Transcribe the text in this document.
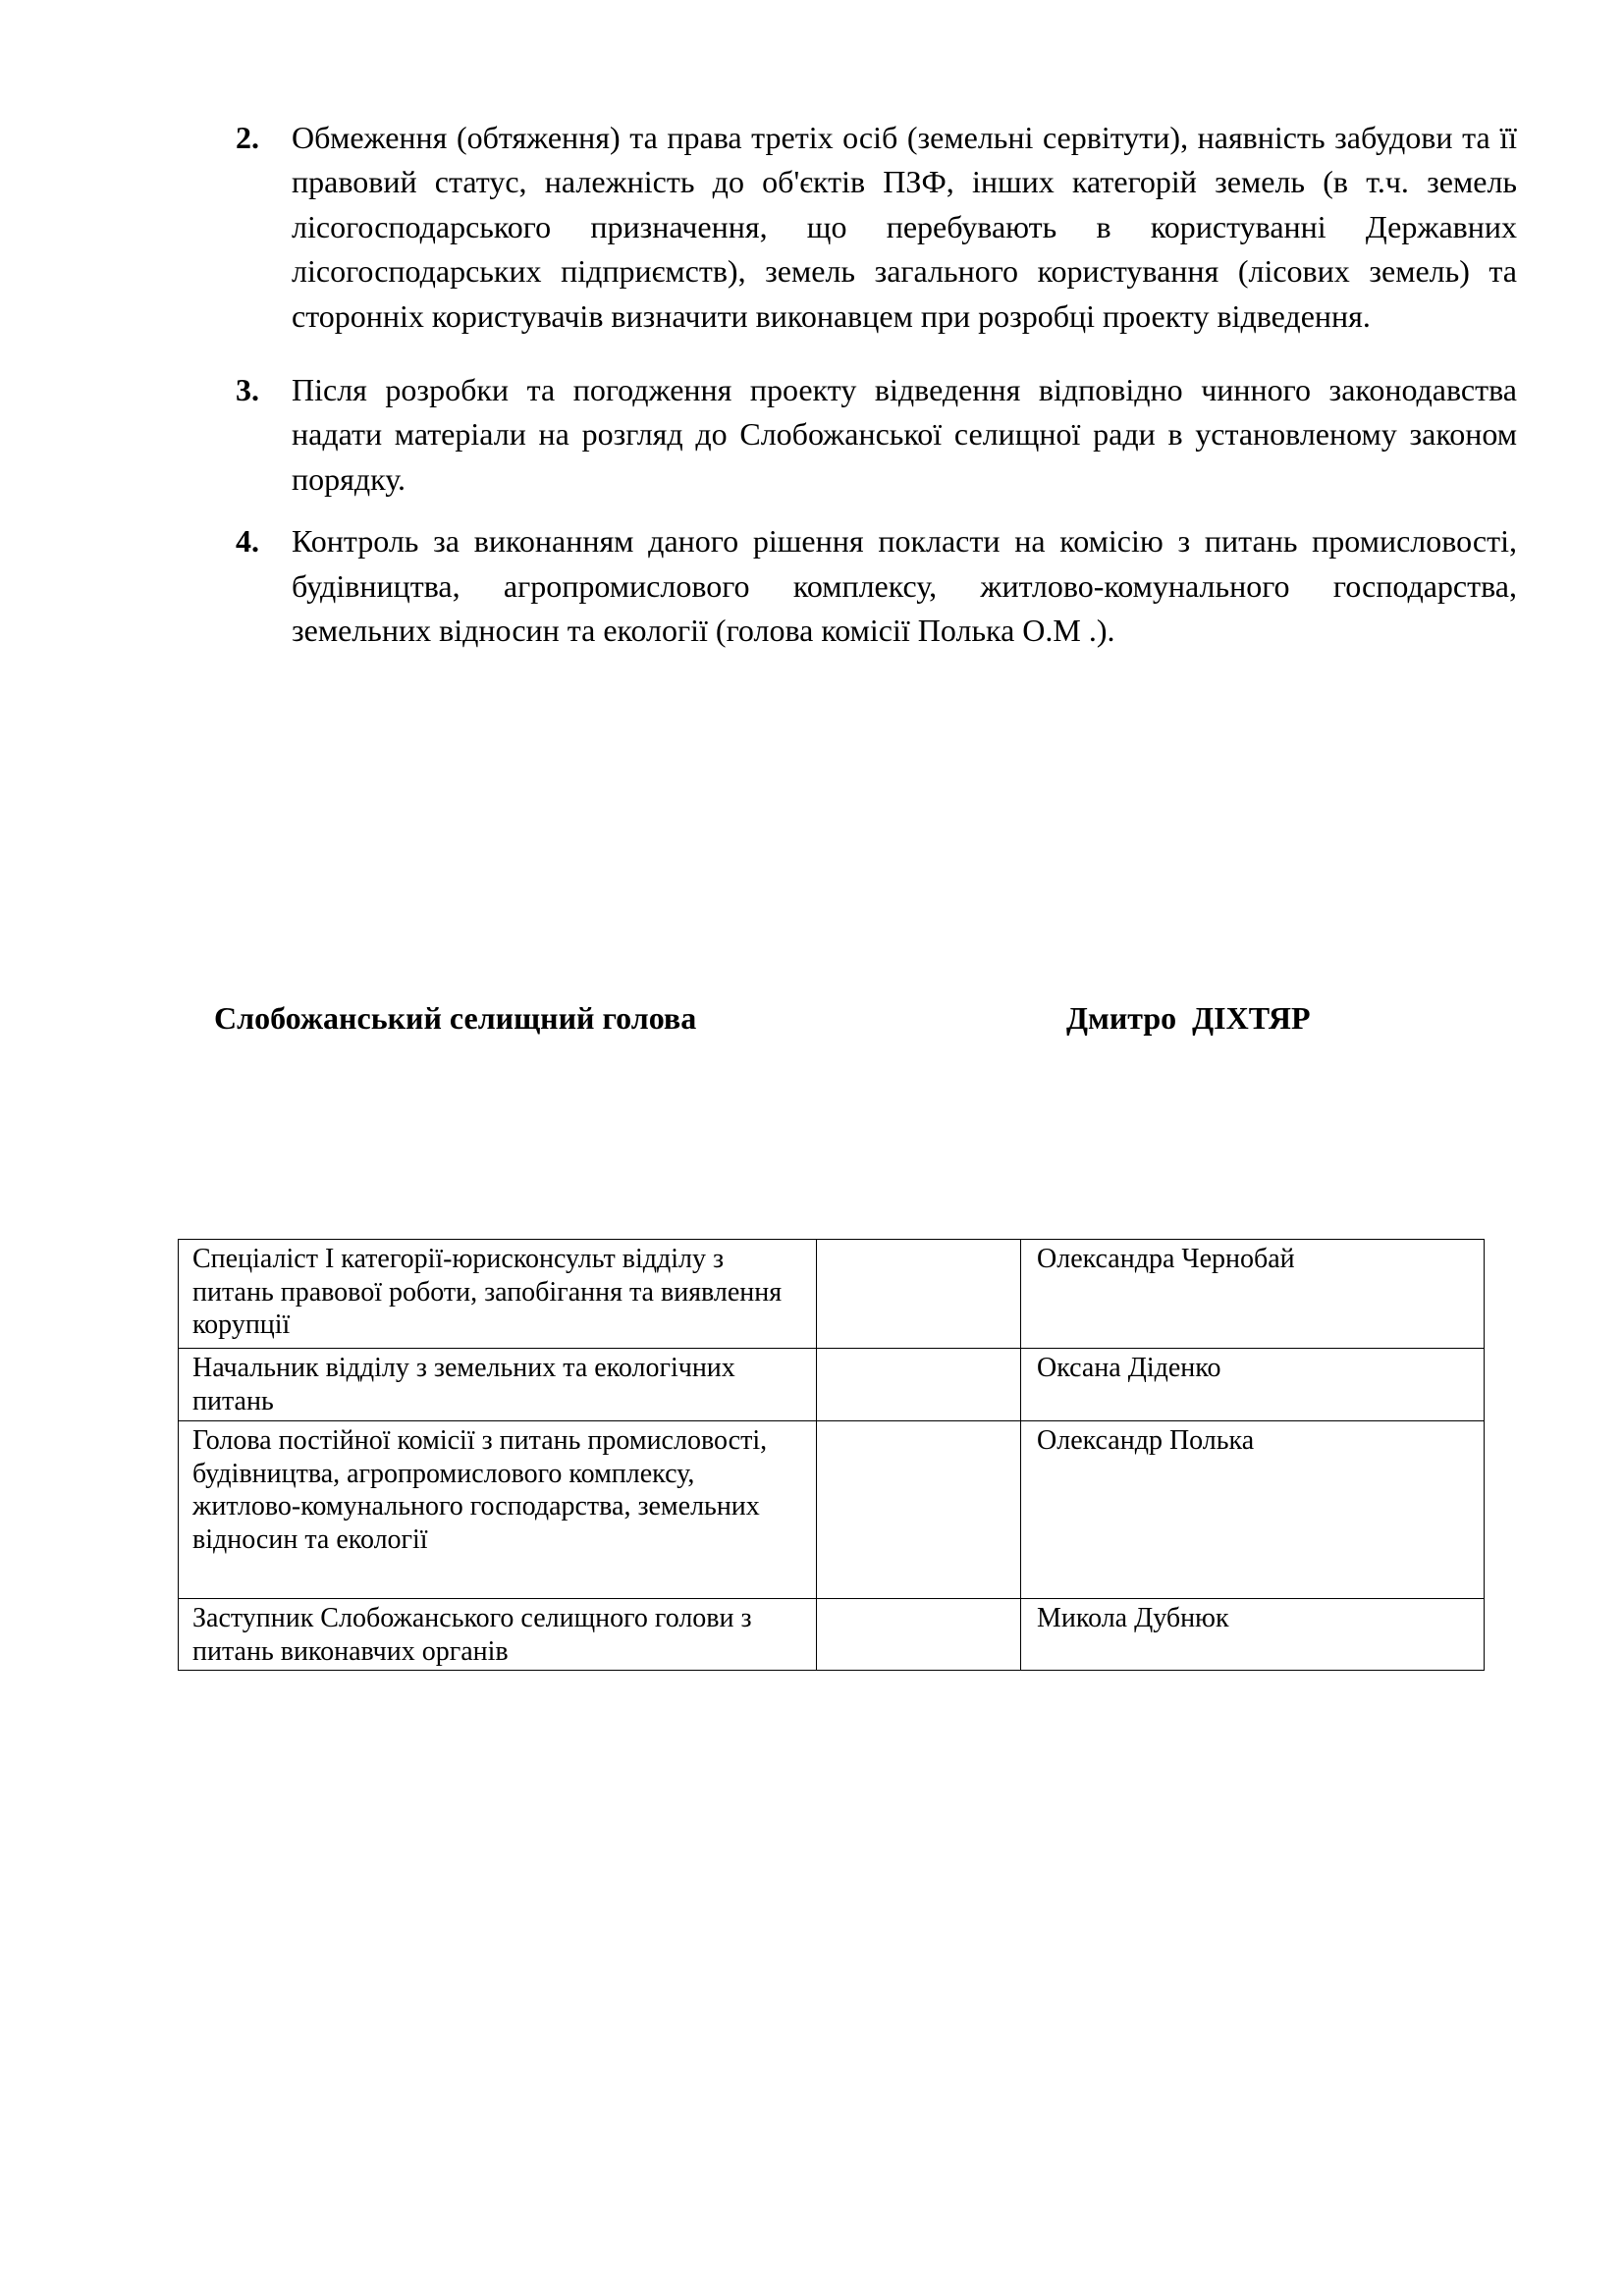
2. Обмеження (обтяження) та права третіх осіб (земельні сервітути), наявність забудови та її правовий статус, належність до об'єктів ПЗФ, інших категорій земель (в т.ч. земель лісогосподарського призначення, що перебувають в користуванні Державних лісогосподарських підприємств), земель загального користування (лісових земель) та сторонніх користувачів визначити виконавцем при розробці проекту відведення.
3. Після розробки та погодження проекту відведення відповідно чинного законодавства надати матеріали на розгляд до Слобожанської селищної ради в установленому законом порядку.
4. Контроль за виконанням даного рішення покласти на комісію з питань промисловості, будівництва, агропромислового комплексу, житлово-комунального господарства, земельних відносин та екології (голова комісії Полька О.М .).
Слобожанський селищний голова	Дмитро  ДІХТЯР
Спеціаліст І категорії-юрисконсульт відділу з питань правової роботи, запобігання та виявлення корупції		Олександра Чернобай

Начальник відділу з земельних та екологічних питань		Оксана Діденко

Голова постійної комісії з питань промисловості, будівництва, агропромислового комплексу, житлово-комунального господарства, земельних відносин та екології		Олександр Полька

Заступник Слобожанського селищного голови з питань виконавчих органів		Микола Дубнюк
